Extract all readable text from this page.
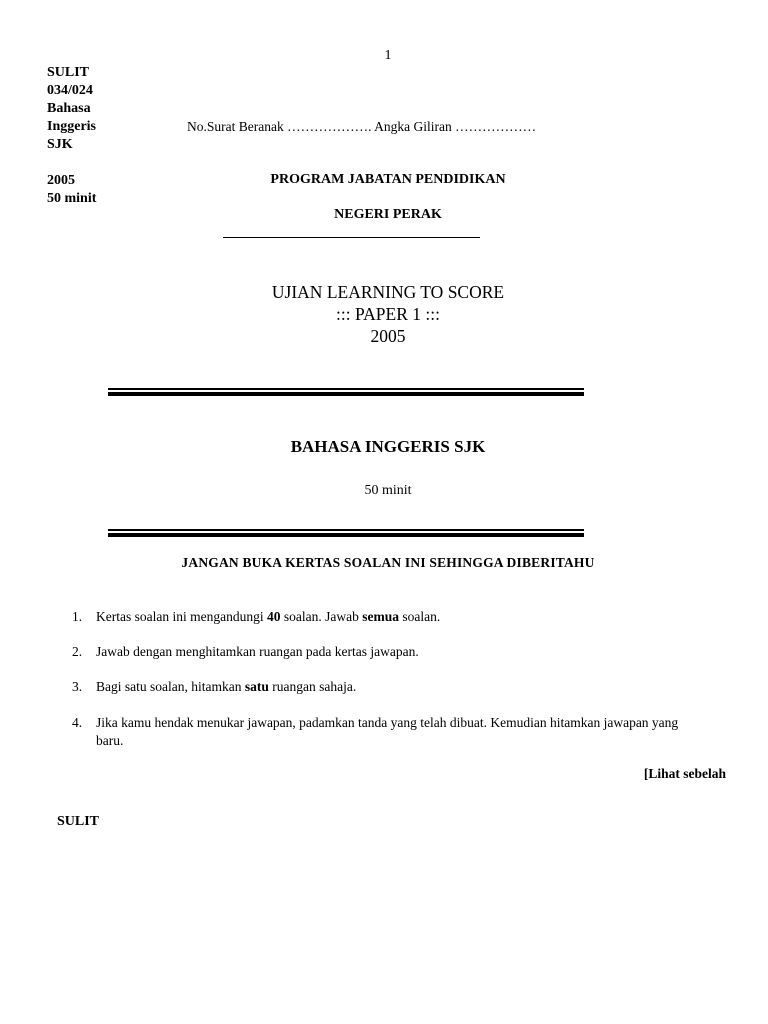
1
SULIT
034/024
Bahasa
Inggeris
SJK
2005
50 minit
No.Surat Beranak ………………. Angka Giliran ………………
PROGRAM JABATAN PENDIDIKAN
NEGERI PERAK
UJIAN LEARNING TO SCORE
::: PAPER 1 :::
2005
BAHASA INGGERIS SJK
50 minit
JANGAN BUKA KERTAS SOALAN INI SEHINGGA DIBERITAHU
1. Kertas soalan ini mengandungi 40 soalan. Jawab semua soalan.
2. Jawab dengan menghitamkan ruangan pada kertas jawapan.
3. Bagi satu soalan, hitamkan satu ruangan sahaja.
4. Jika kamu hendak menukar jawapan, padamkan tanda yang telah dibuat. Kemudian hitamkan jawapan yang baru.
[Lihat sebelah
SULIT
